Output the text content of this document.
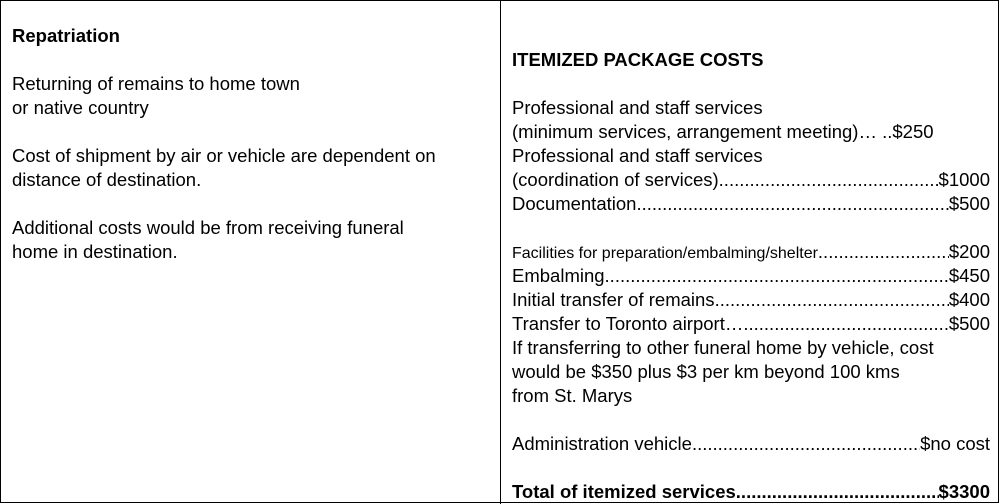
Repatriation
Returning of remains to home town
or native country
Cost of shipment by air or vehicle are dependent on
distance of destination.
Additional costs would be from receiving funeral
home in destination.
ITEMIZED PACKAGE COSTS
Professional and staff services
(minimum services, arrangement meeting)… .. $250
Professional and staff services
(coordination of services) .....	$1000
Documentation .....	$500
Facilities for preparation/embalming/shelter .....	$200
Embalming .....	$450
Initial transfer of remains .....	$400
Transfer to Toronto airport… .....	$500
If transferring to other funeral home by vehicle, cost
would be $350 plus $3 per km beyond 100 kms
from St. Marys
Administration vehicle .....	$no cost
Total of itemized services .....	$3300
